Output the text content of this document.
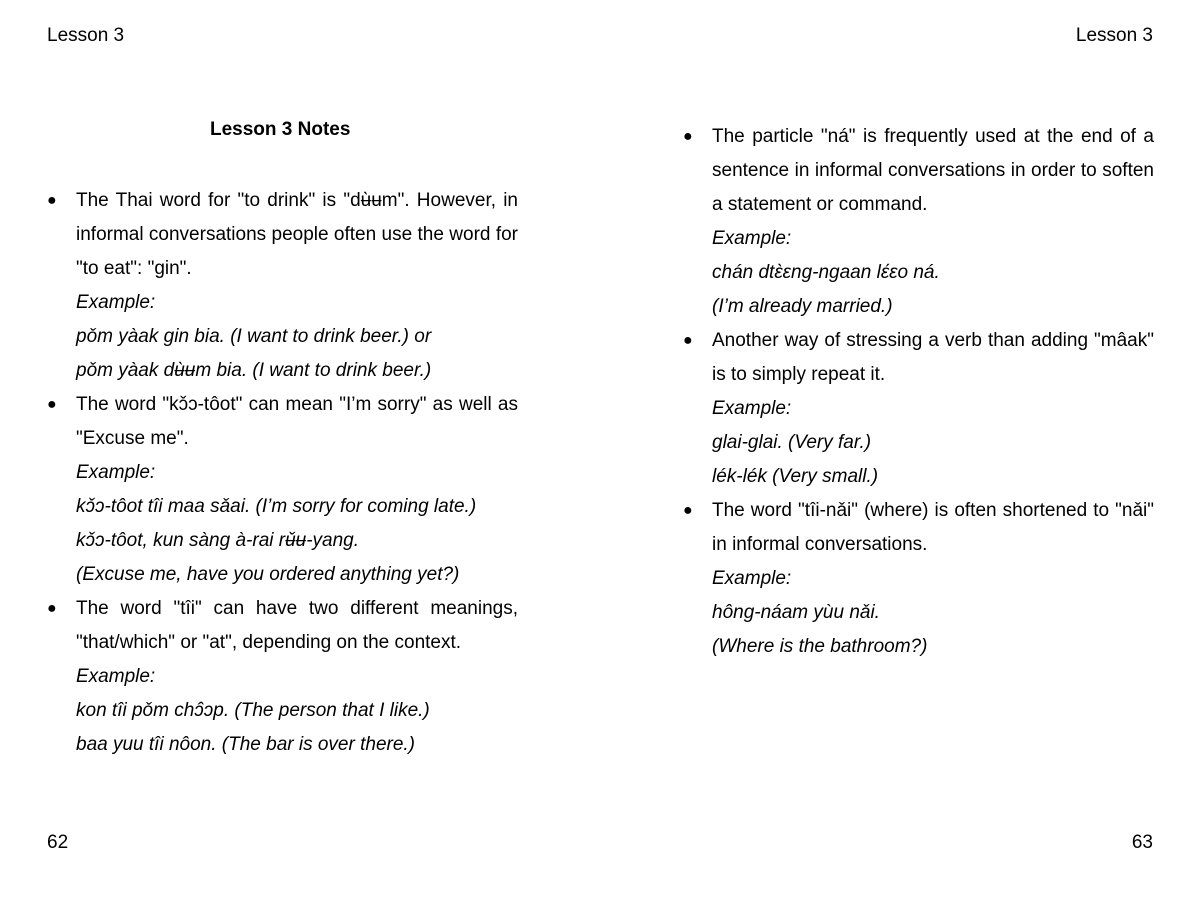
Lesson 3	Lesson 3
Lesson 3 Notes
● The Thai word for "to drink" is "dʉ̀ʉm". However, in informal conversations people often use the word for "to eat": "gin".

Example:
pǒm yàak gin bia. (I want to drink beer.) or
pǒm yàak dʉ̀ʉm bia. (I want to drink beer.)
● The word "kɔ̌ɔ-tôot" can mean "I’m sorry" as well as "Excuse me".

Example:
kɔ̌ɔ-tôot tîi maa sǎai. (I’m sorry for coming late.)
kɔ̌ɔ-tôot, kun sàng à-rai rʉ̌ʉ-yang.
(Excuse me, have you ordered anything yet?)
● The word "tîi" can have two different meanings, "that/which" or "at", depending on the context.

Example:
kon tîi pǒm chɔ̂ɔp. (The person that I like.)
baa yuu tîi nôon. (The bar is over there.)
● The particle "ná" is frequently used at the end of a sentence in informal conversations in order to soften a statement or command.

Example:
chán dtɛ̀ɛng-ngaan lɛ́ɛo ná.
(I’m already married.)
● Another way of stressing a verb than adding "mâak" is to simply repeat it.

Example:
glai-glai. (Very far.)
lék-lék (Very small.)
● The word "tîi-nǎi" (where) is often shortened to "nǎi" in informal conversations.

Example:
hông-náam yùu nǎi.
(Where is the bathroom?)
62	63
